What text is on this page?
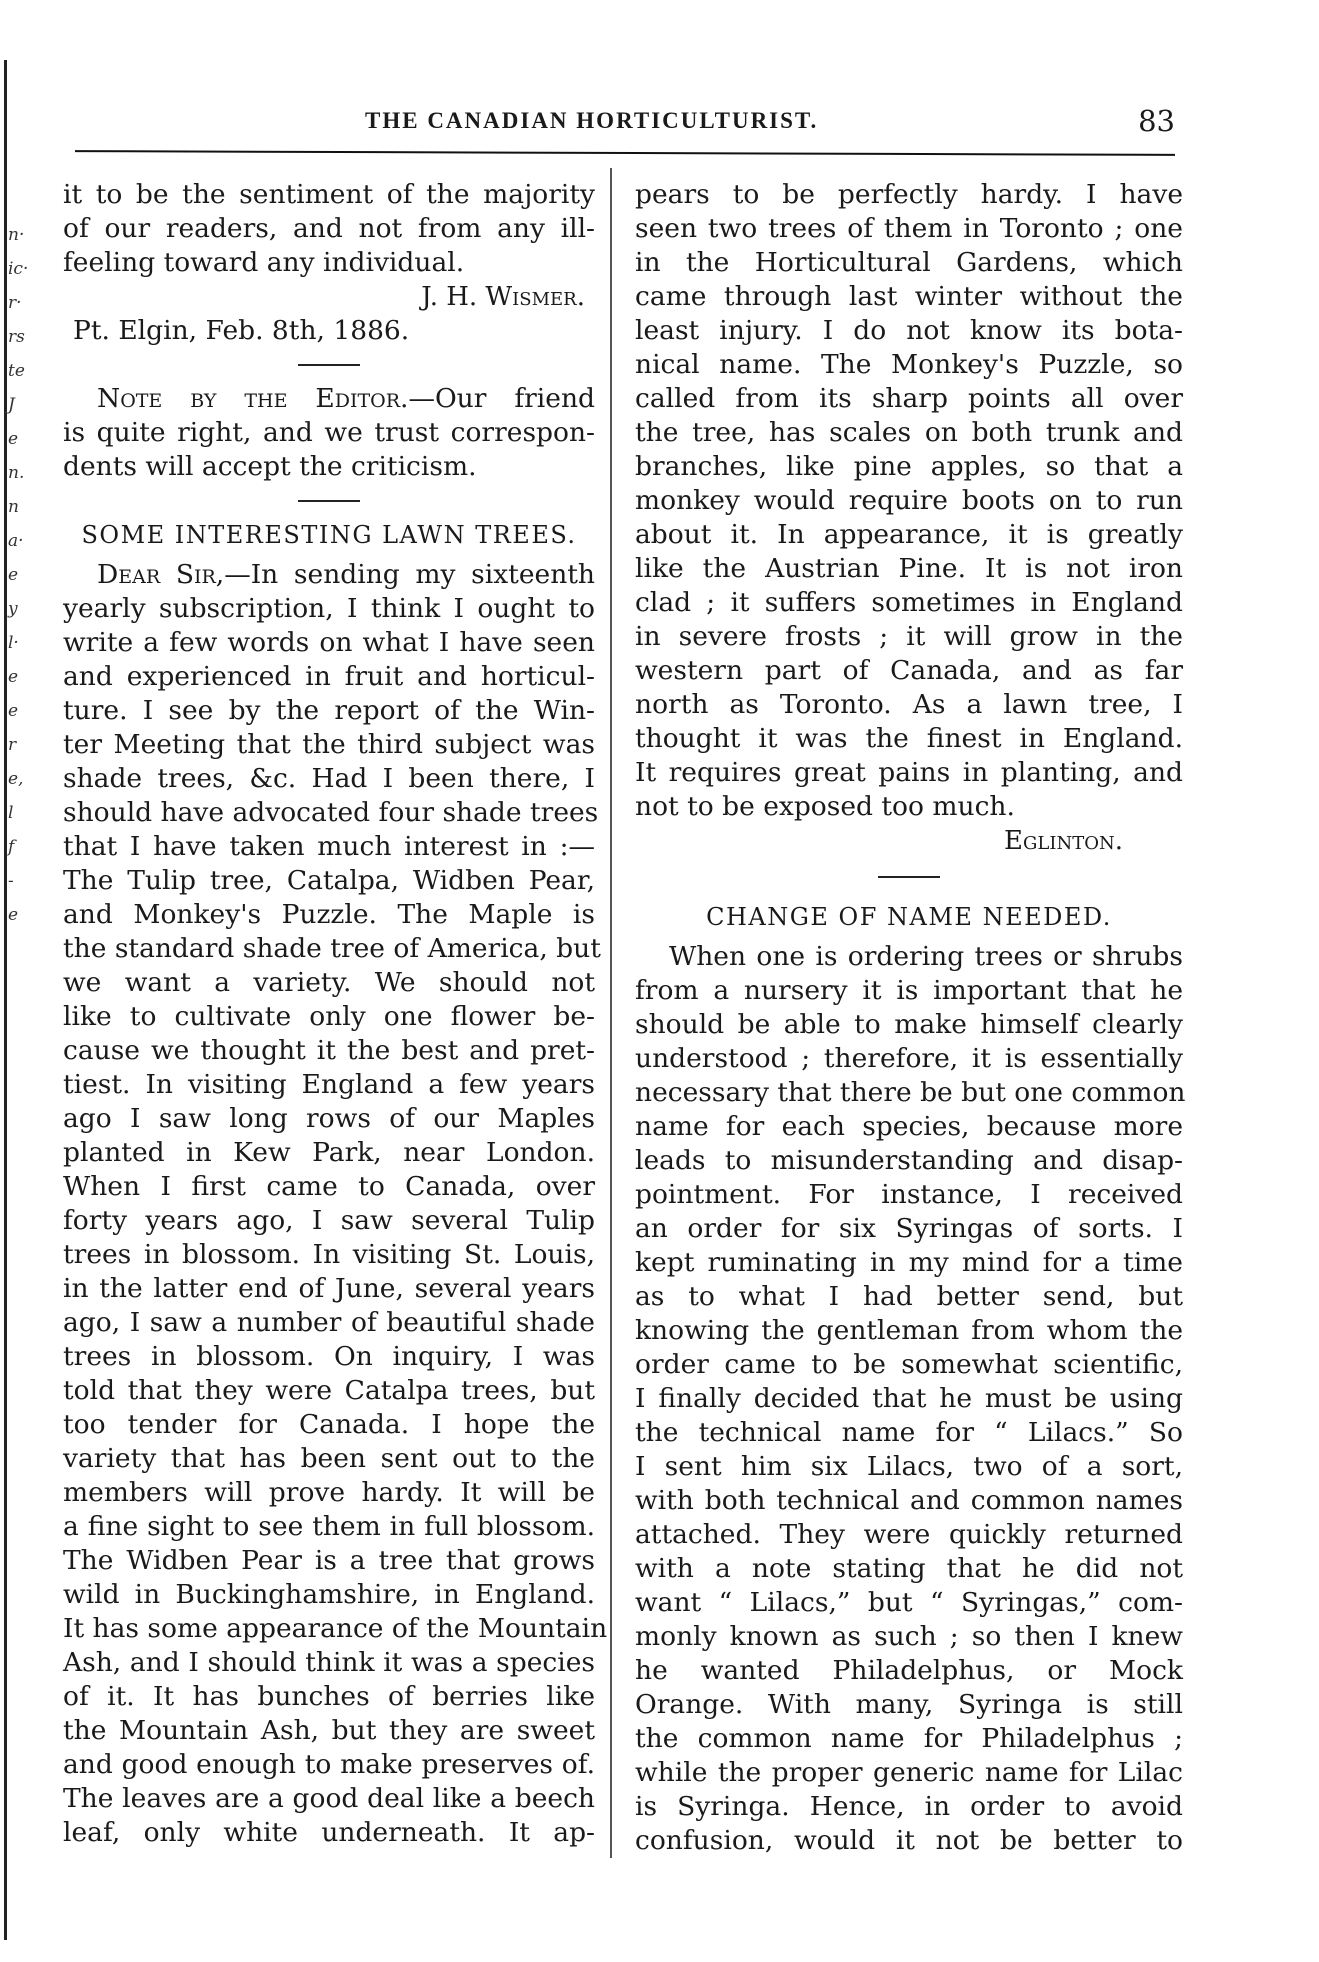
n·
ic·
r·
rs
te
J
e
n.
n
a·
e
y
l·
e
e
r
e,
l
f
-
e
THE CANADIAN HORTICULTURIST.	83
it to be the sentiment of the majority
of our readers, and not from any ill-
feeling toward any individual.
J. H. Wismer.
Pt. Elgin, Feb. 8th, 1886.
Note by the Editor.—Our friend
is quite right, and we trust correspon-
dents will accept the criticism.
SOME INTERESTING LAWN TREES.
Dear Sir,—In sending my sixteenth
yearly subscription, I think I ought to
write a few words on what I have seen
and experienced in fruit and horticul-
ture. I see by the report of the Win-
ter Meeting that the third subject was
shade trees, &c. Had I been there, I
should have advocated four shade trees
that I have taken much interest in :—
The Tulip tree, Catalpa, Widben Pear,
and Monkey's Puzzle. The Maple is
the standard shade tree of America, but
we want a variety. We should not
like to cultivate only one flower be-
cause we thought it the best and pret-
tiest. In visiting England a few years
ago I saw long rows of our Maples
planted in Kew Park, near London.
When I first came to Canada, over
forty years ago, I saw several Tulip
trees in blossom. In visiting St. Louis,
in the latter end of June, several years
ago, I saw a number of beautiful shade
trees in blossom. On inquiry, I was
told that they were Catalpa trees, but
too tender for Canada. I hope the
variety that has been sent out to the
members will prove hardy. It will be
a fine sight to see them in full blossom.
The Widben Pear is a tree that grows
wild in Buckinghamshire, in England.
It has some appearance of the Mountain
Ash, and I should think it was a species
of it. It has bunches of berries like
the Mountain Ash, but they are sweet
and good enough to make preserves of.
The leaves are a good deal like a beech
leaf, only white underneath. It ap-
pears to be perfectly hardy. I have
seen two trees of them in Toronto ; one
in the Horticultural Gardens, which
came through last winter without the
least injury. I do not know its bota-
nical name. The Monkey's Puzzle, so
called from its sharp points all over
the tree, has scales on both trunk and
branches, like pine apples, so that a
monkey would require boots on to run
about it. In appearance, it is greatly
like the Austrian Pine. It is not iron
clad ; it suffers sometimes in England
in severe frosts ; it will grow in the
western part of Canada, and as far
north as Toronto. As a lawn tree, I
thought it was the finest in England.
It requires great pains in planting, and
not to be exposed too much.
Eglinton.
CHANGE OF NAME NEEDED.
When one is ordering trees or shrubs
from a nursery it is important that he
should be able to make himself clearly
understood ; therefore, it is essentially
necessary that there be but one common
name for each species, because more
leads to misunderstanding and disap-
pointment. For instance, I received
an order for six Syringas of sorts. I
kept ruminating in my mind for a time
as to what I had better send, but
knowing the gentleman from whom the
order came to be somewhat scientific,
I finally decided that he must be using
the technical name for “ Lilacs.” So
I sent him six Lilacs, two of a sort,
with both technical and common names
attached. They were quickly returned
with a note stating that he did not
want “ Lilacs,” but “ Syringas,” com-
monly known as such ; so then I knew
he wanted Philadelphus, or Mock
Orange. With many, Syringa is still
the common name for Philadelphus ;
while the proper generic name for Lilac
is Syringa. Hence, in order to avoid
confusion, would it not be better to
